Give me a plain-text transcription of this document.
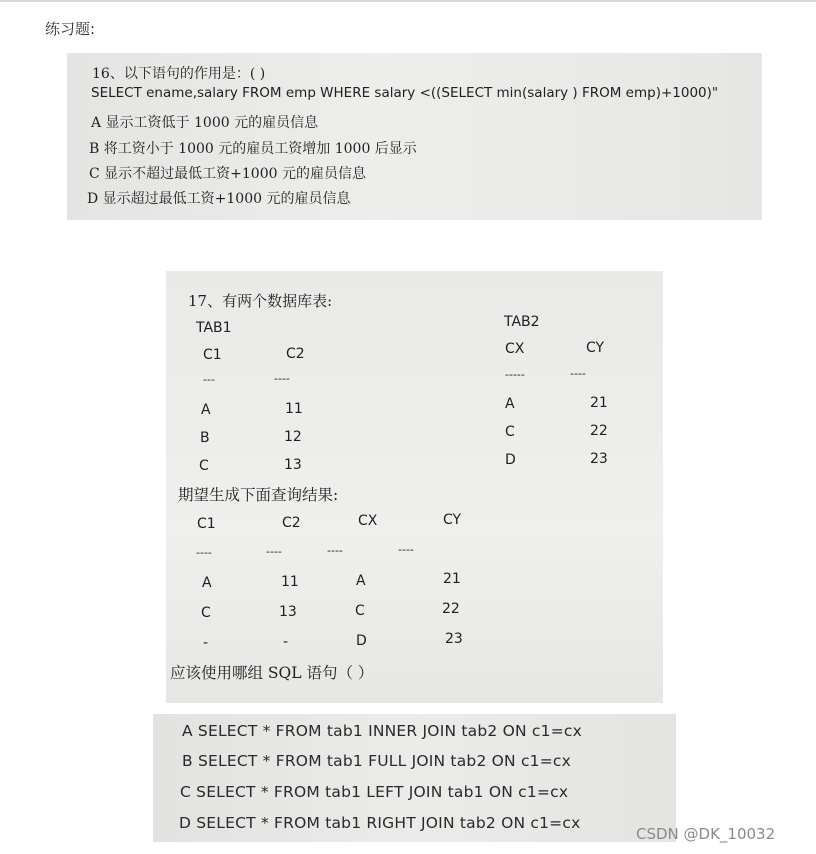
练习题:
16、以下语句的作用是：( )
SELECT ename,salary FROM emp WHERE salary <((SELECT min(salary ) FROM emp)+1000)"
A 显示工资低于 1000 元的雇员信息
B 将工资小于 1000 元的雇员工资增加 1000 后显示
C 显示不超过最低工资+1000 元的雇员信息
D 显示超过最低工资+1000 元的雇员信息
17、有两个数据库表:
TAB1
C1	C2
---	----
A	11
B	12
C	13
TAB2
CX	CY
-----	----
A	21
C	22
D	23
期望生成下面查询结果:
C1	C2	CX	CY
----	----	----	----
A	11	A	21
C	13	C	22
-	-	D	23
应该使用哪组 SQL 语句（ ）
A SELECT * FROM tab1 INNER JOIN tab2 ON c1=cx
B SELECT * FROM tab1 FULL JOIN tab2 ON c1=cx
C SELECT * FROM tab1 LEFT JOIN tab1 ON c1=cx
D SELECT * FROM tab1 RIGHT JOIN tab2 ON c1=cx
CSDN @DK_10032
